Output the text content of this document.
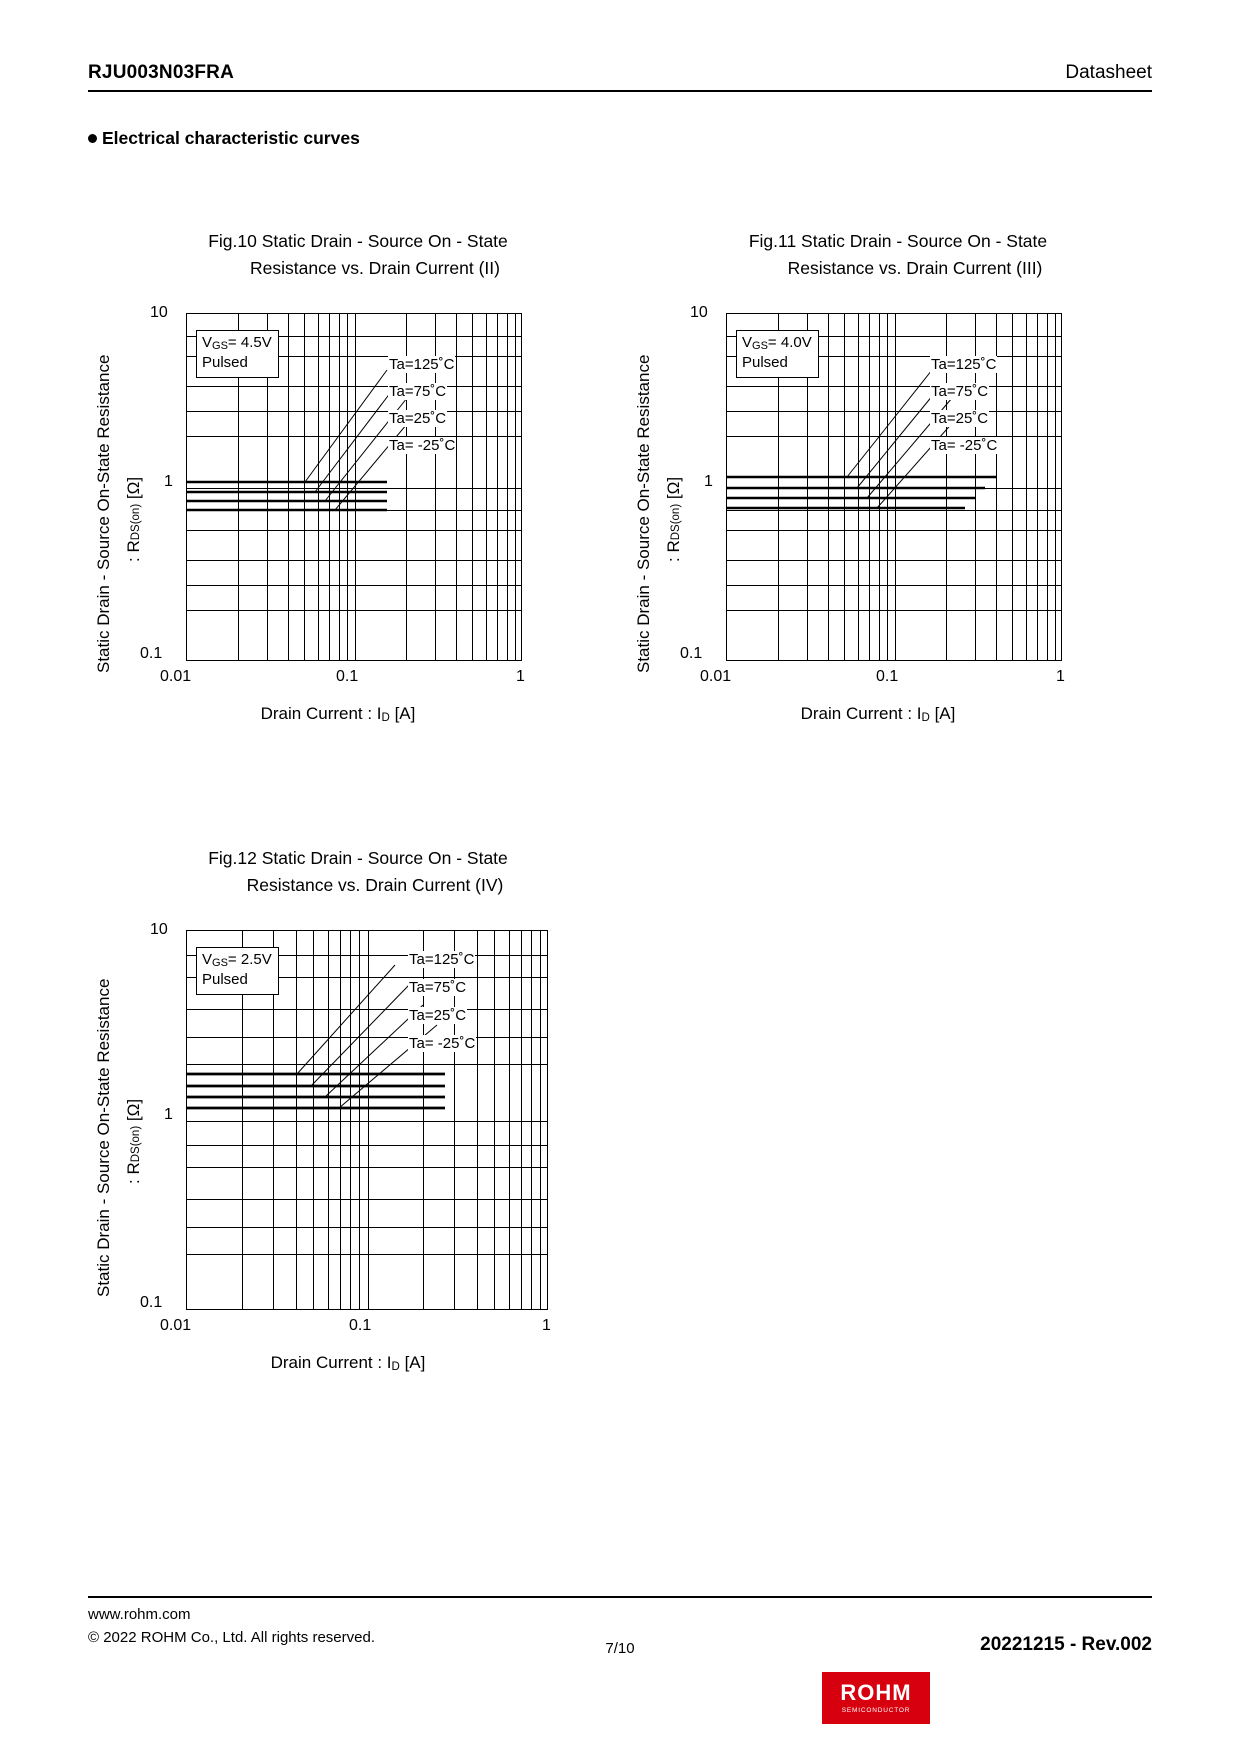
RJU003N03FRA	Datasheet
Electrical characteristic curves
Fig.10 Static Drain - Source On - State
Resistance vs. Drain Current (II)
Static Drain - Source On-State Resistance : RDS(on) [Ω]
10
1
0.1
VGS= 4.5V
Pulsed	Ta=125˚C
Ta=75˚C
Ta=25˚C
Ta= -25˚C
0.01	0.1	1
Drain Current : ID [A]
Fig.11 Static Drain - Source On - State
Resistance vs. Drain Current (III)
Static Drain - Source On-State Resistance : RDS(on) [Ω]
10
1
0.1
VGS= 4.0V
Pulsed	Ta=125˚C
Ta=75˚C
Ta=25˚C
Ta= -25˚C
0.01	0.1	1
Drain Current : ID [A]
Fig.12 Static Drain - Source On - State
Resistance vs. Drain Current (IV)
Static Drain - Source On-State Resistance : RDS(on) [Ω]
10
1
0.1
VGS= 2.5V
Pulsed
Ta=125˚C
Ta=75˚C
Ta=25˚C
Ta= -25˚C
0.01	0.1	1
Drain Current : ID [A]
www.rohm.com
© 2022 ROHM Co., Ltd. All rights reserved.
7/10	20221215 - Rev.002
ROHM
SEMICONDUCTOR
